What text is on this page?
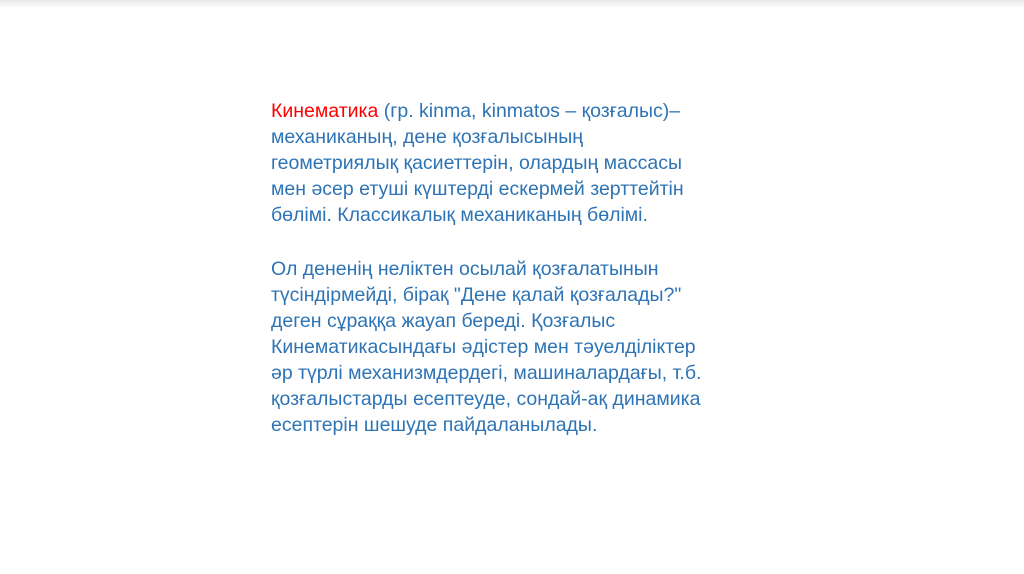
Кинематика (гр. kinma, kinmatos – қозғалыс)–
механиканың, дене қозғалысының
геометриялық қасиеттерін, олардың массасы
мен әсер етуші күштерді ескермей зерттейтін
бөлімі. Классикалық механиканың бөлімі.

Ол дененің неліктен осылай қозғалатынын
түсіндірмейді, бірақ "Дене қалай қозғалады?"
деген сұраққа жауап береді. Қозғалыс
Кинематикасындағы әдістер мен тәуелділіктер
әр түрлі механизмдердегі, машиналардағы, т.б.
қозғалыстарды есептеуде, сондай-ақ динамика
есептерін шешуде пайдаланылады.
